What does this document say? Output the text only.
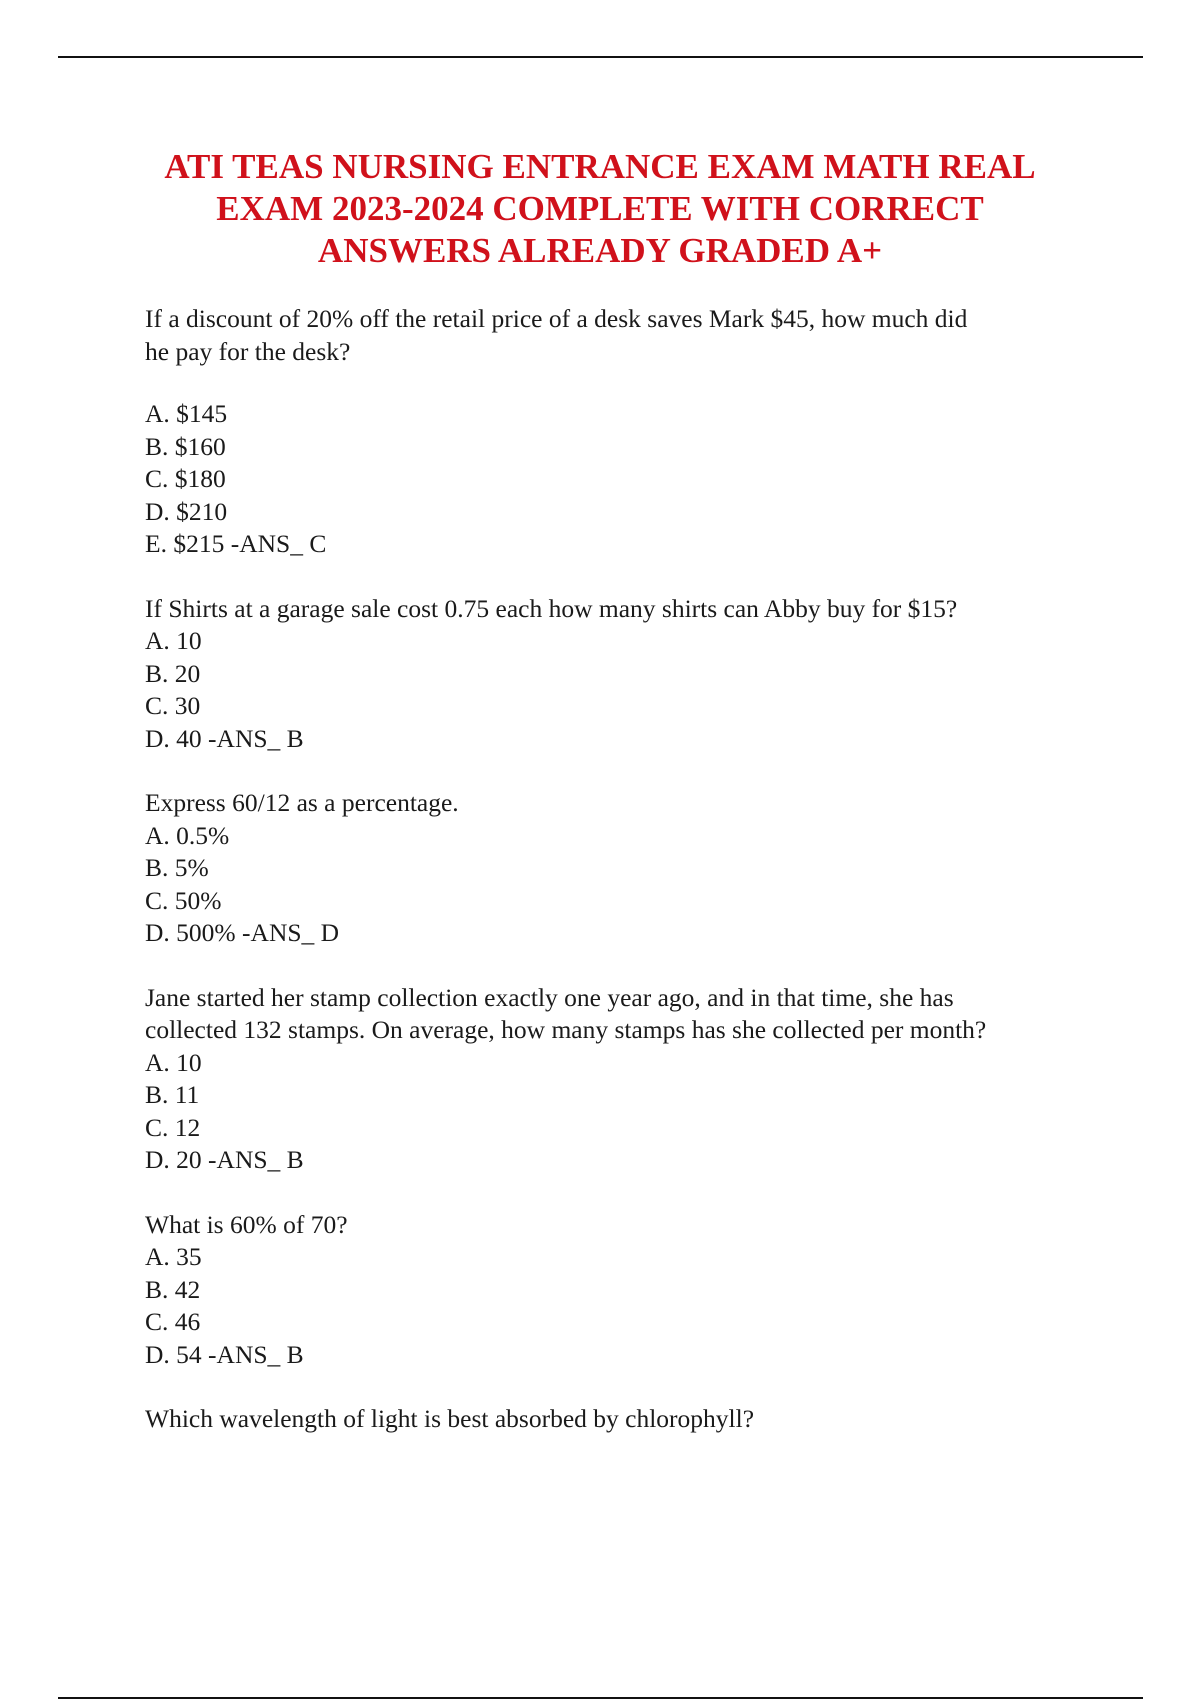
ATI TEAS NURSING ENTRANCE EXAM MATH REAL
EXAM 2023-2024 COMPLETE WITH CORRECT
ANSWERS ALREADY GRADED A+
If a discount of 20% off the retail price of a desk saves Mark $45, how much did
he pay for the desk?
A. $145
B. $160
C. $180
D. $210
E. $215 -ANS_ C
If Shirts at a garage sale cost 0.75 each how many shirts can Abby buy for $15?
A. 10
B. 20
C. 30
D. 40 -ANS_ B
Express 60/12 as a percentage.
A. 0.5%
B. 5%
C. 50%
D. 500% -ANS_ D
Jane started her stamp collection exactly one year ago, and in that time, she has
collected 132 stamps. On average, how many stamps has she collected per month?
A. 10
B. 11
C. 12
D. 20 -ANS_ B
What is 60% of 70?
A. 35
B. 42
C. 46
D. 54 -ANS_ B
Which wavelength of light is best absorbed by chlorophyll?
